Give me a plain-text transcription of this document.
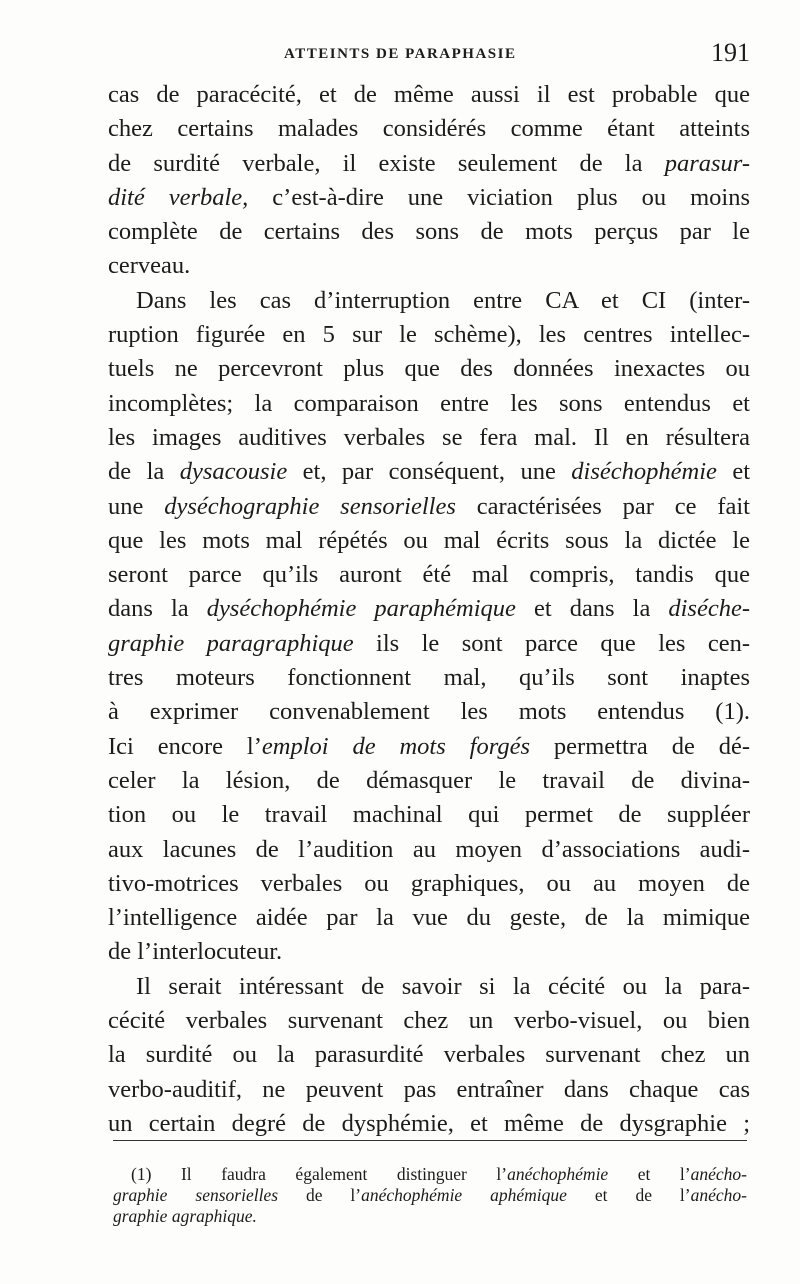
ATTEINTS DE PARAPHASIE	191
cas de paracécité, et de même aussi il est probable que
chez certains malades considérés comme étant atteints
de surdité verbale, il existe seulement de la parasur-
dité verbale, c’est-à-dire une viciation plus ou moins
complète de certains des sons de mots perçus par le
cerveau.
Dans les cas d’interruption entre CA et CI (inter-
ruption figurée en 5 sur le schème), les centres intellec-
tuels ne percevront plus que des données inexactes ou
incomplètes; la comparaison entre les sons entendus et
les images auditives verbales se fera mal. Il en résultera
de la dysacousie et, par conséquent, une diséchophémie et
une dyséchographie sensorielles caractérisées par ce fait
que les mots mal répétés ou mal écrits sous la dictée le
seront parce qu’ils auront été mal compris, tandis que
dans la dyséchophémie paraphémique et dans la diséche-
graphie paragraphique ils le sont parce que les cen-
tres moteurs fonctionnent mal, qu’ils sont inaptes
à exprimer convenablement les mots entendus (1).
Ici encore l’emploi de mots forgés permettra de dé-
celer la lésion, de démasquer le travail de divina-
tion ou le travail machinal qui permet de suppléer
aux lacunes de l’audition au moyen d’associations audi-
tivo-motrices verbales ou graphiques, ou au moyen de
l’intelligence aidée par la vue du geste, de la mimique
de l’interlocuteur.
Il serait intéressant de savoir si la cécité ou la para-
cécité verbales survenant chez un verbo-visuel, ou bien
la surdité ou la parasurdité verbales survenant chez un
verbo-auditif, ne peuvent pas entraîner dans chaque cas
un certain degré de dysphémie, et même de dysgraphie ;
(1) Il faudra également distinguer l’anéchophémie et l’anécho-
graphie sensorielles de l’anéchophémie aphémique et de l’anécho-
graphie agraphique.
